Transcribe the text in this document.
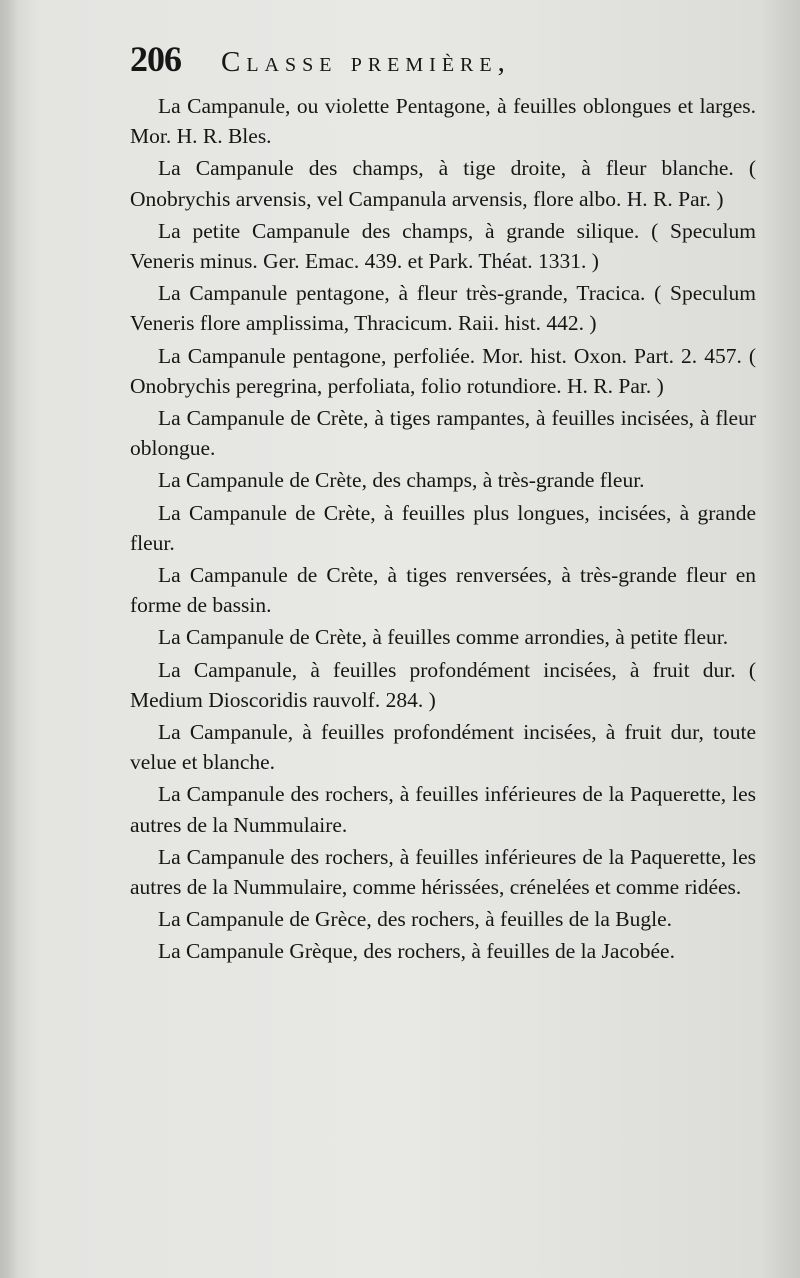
206 Classe première,

La Campanule, ou violette Pentagone, à feuilles oblongues et larges. Mor. H. R. Bles.

La Campanule des champs, à tige droite, à fleur blanche. ( Onobrychis arvensis, vel Campanula arvensis, flore albo. H. R. Par. )

La petite Campanule des champs, à grande silique. ( Speculum Veneris minus. Ger. Emac. 439. et Park. Théat. 1331. )

La Campanule pentagone, à fleur très-grande, Tracica. ( Speculum Veneris flore amplissima, Thracicum. Raii. hist. 442. )

La Campanule pentagone, perfoliée. Mor. hist. Oxon. Part. 2. 457. ( Onobrychis peregrina, perfoliata, folio rotundiore. H. R. Par. )

La Campanule de Crète, à tiges rampantes, à feuilles incisées, à fleur oblongue.

La Campanule de Crète, des champs, à très-grande fleur.

La Campanule de Crète, à feuilles plus longues, incisées, à grande fleur.

La Campanule de Crète, à tiges renversées, à très-grande fleur en forme de bassin.

La Campanule de Crète, à feuilles comme arrondies, à petite fleur.

La Campanule, à feuilles profondément incisées, à fruit dur. ( Medium Dioscoridis rauvolf. 284. )

La Campanule, à feuilles profondément incisées, à fruit dur, toute velue et blanche.

La Campanule des rochers, à feuilles inférieures de la Paquerette, les autres de la Nummulaire.

La Campanule des rochers, à feuilles inférieures de la Paquerette, les autres de la Nummulaire, comme hérissées, crénelées et comme ridées.

La Campanule de Grèce, des rochers, à feuilles de la Bugle.

La Campanule Grèque, des rochers, à feuilles de la Jacobée.
